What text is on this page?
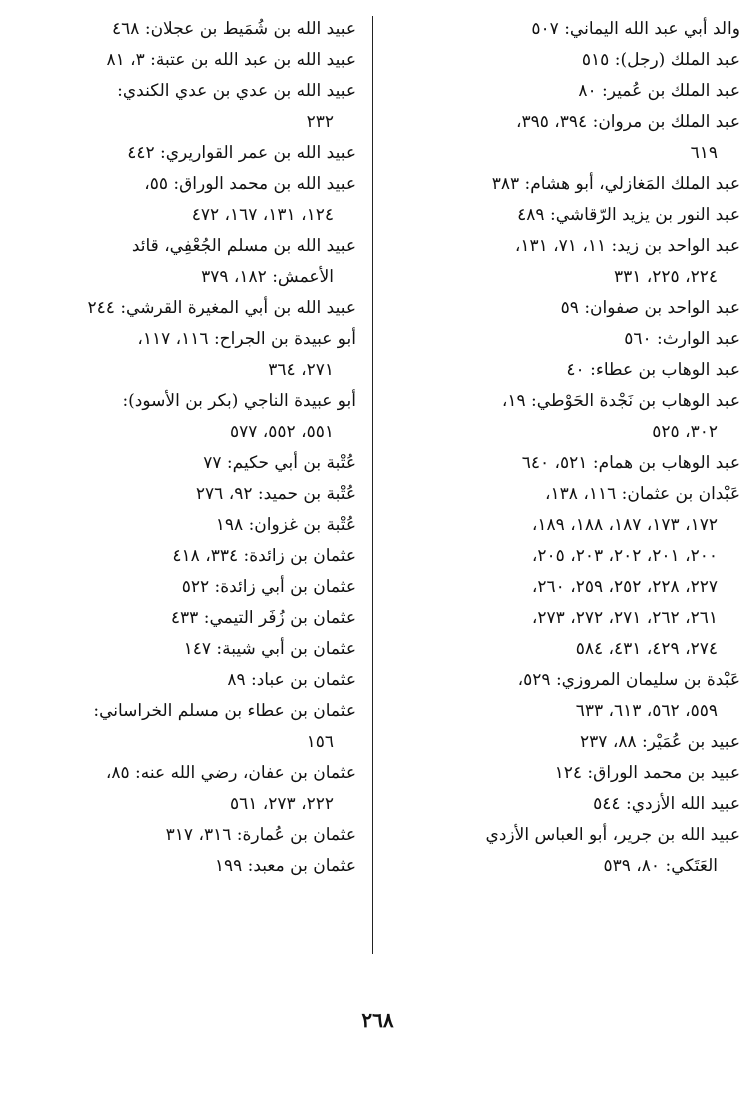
والد أبي عبد الله اليماني: ٥٠٧
عبد الملك (رجل): ٥١٥
عبد الملك بن عُمير: ٨٠
عبد الملك بن مروان: ٣٩٤، ٣٩٥،
٦١٩
عبد الملك المَغازلي، أبو هشام: ٣٨٣
عبد النور بن يزيد الرّقاشي: ٤٨٩
عبد الواحد بن زيد: ١١، ٧١، ١٣١،
٢٢٤، ٢٢٥، ٣٣١
عبد الواحد بن صفوان: ٥٩
عبد الوارث: ٥٦٠
عبد الوهاب بن عطاء: ٤٠
عبد الوهاب بن نَجْدة الحَوْطي: ١٩،
٣٠٢، ٥٢٥
عبد الوهاب بن همام: ٥٢١، ٦٤٠
عَبْدان بن عثمان: ١١٦، ١٣٨،
١٧٢، ١٧٣، ١٨٧، ١٨٨، ١٨٩،
٢٠٠، ٢٠١، ٢٠٢، ٢٠٣، ٢٠٥،
٢٢٧، ٢٢٨، ٢٥٢، ٢٥٩، ٢٦٠،
٢٦١، ٢٦٢، ٢٧١، ٢٧٢، ٢٧٣،
٢٧٤، ٤٢٩، ٤٣١، ٥٨٤
عَبْدة بن سليمان المروزي: ٥٢٩،
٥٥٩، ٥٦٢، ٦١٣، ٦٣٣
عبيد بن عُمَيْر: ٨٨، ٢٣٧
عبيد بن محمد الوراق: ١٢٤
عبيد الله الأزدي: ٥٤٤
عبيد الله بن جرير، أبو العباس الأزدي
العَتَكي: ٨٠، ٥٣٩
عبيد الله بن شُمَيط بن عجلان: ٤٦٨
عبيد الله بن عبد الله بن عتبة: ٣، ٨١
عبيد الله بن عدي بن عدي الكندي:
٢٣٢
عبيد الله بن عمر القواريري: ٤٤٢
عبيد الله بن محمد الوراق: ٥٥،
١٢٤، ١٣١، ١٦٧، ٤٧٢
عبيد الله بن مسلم الجُعْفِي، قائد
الأعمش: ١٨٢، ٣٧٩
عبيد الله بن أبي المغيرة القرشي: ٢٤٤
أبو عبيدة بن الجراح: ١١٦، ١١٧،
٢٧١، ٣٦٤
أبو عبيدة الناجي (بكر بن الأسود):
٥٥١، ٥٥٢، ٥٧٧
عُتْبة بن أبي حكيم: ٧٧
عُتْبة بن حميد: ٩٢، ٢٧٦
عُتْبة بن غزوان: ١٩٨
عثمان بن زائدة: ٣٣٤، ٤١٨
عثمان بن أبي زائدة: ٥٢٢
عثمان بن زُفَر التيمي: ٤٣٣
عثمان بن أبي شيبة: ١٤٧
عثمان بن عباد: ٨٩
عثمان بن عطاء بن مسلم الخراساني:
١٥٦
عثمان بن عفان، رضي الله عنه: ٨٥،
٢٢٢، ٢٧٣، ٥٦١
عثمان بن عُمارة: ٣١٦، ٣١٧
عثمان بن معبد: ١٩٩
٢٦٨
